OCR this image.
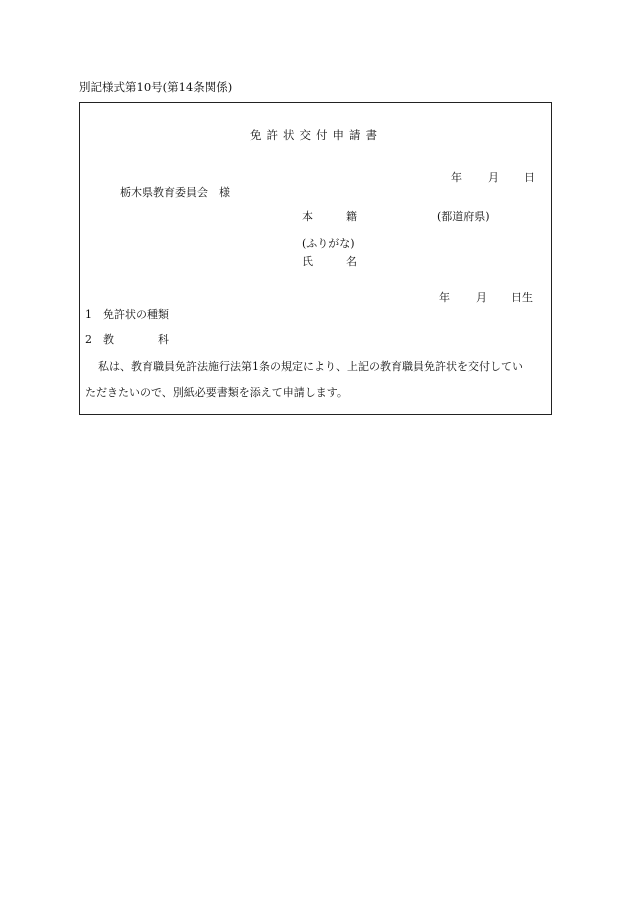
別記様式第10号(第14条関係)
免許状交付申請書
年 月 日
栃木県教育委員会　様
本　　　籍	(都道府県)
(ふりがな)
氏　　　名
年 月 日生
1　免許状の種類
2　教　　　　科
私は、教育職員免許法施行法第1条の規定により、上記の教育職員免許状を交付してい
ただきたいので、別紙必要書類を添えて申請します。
